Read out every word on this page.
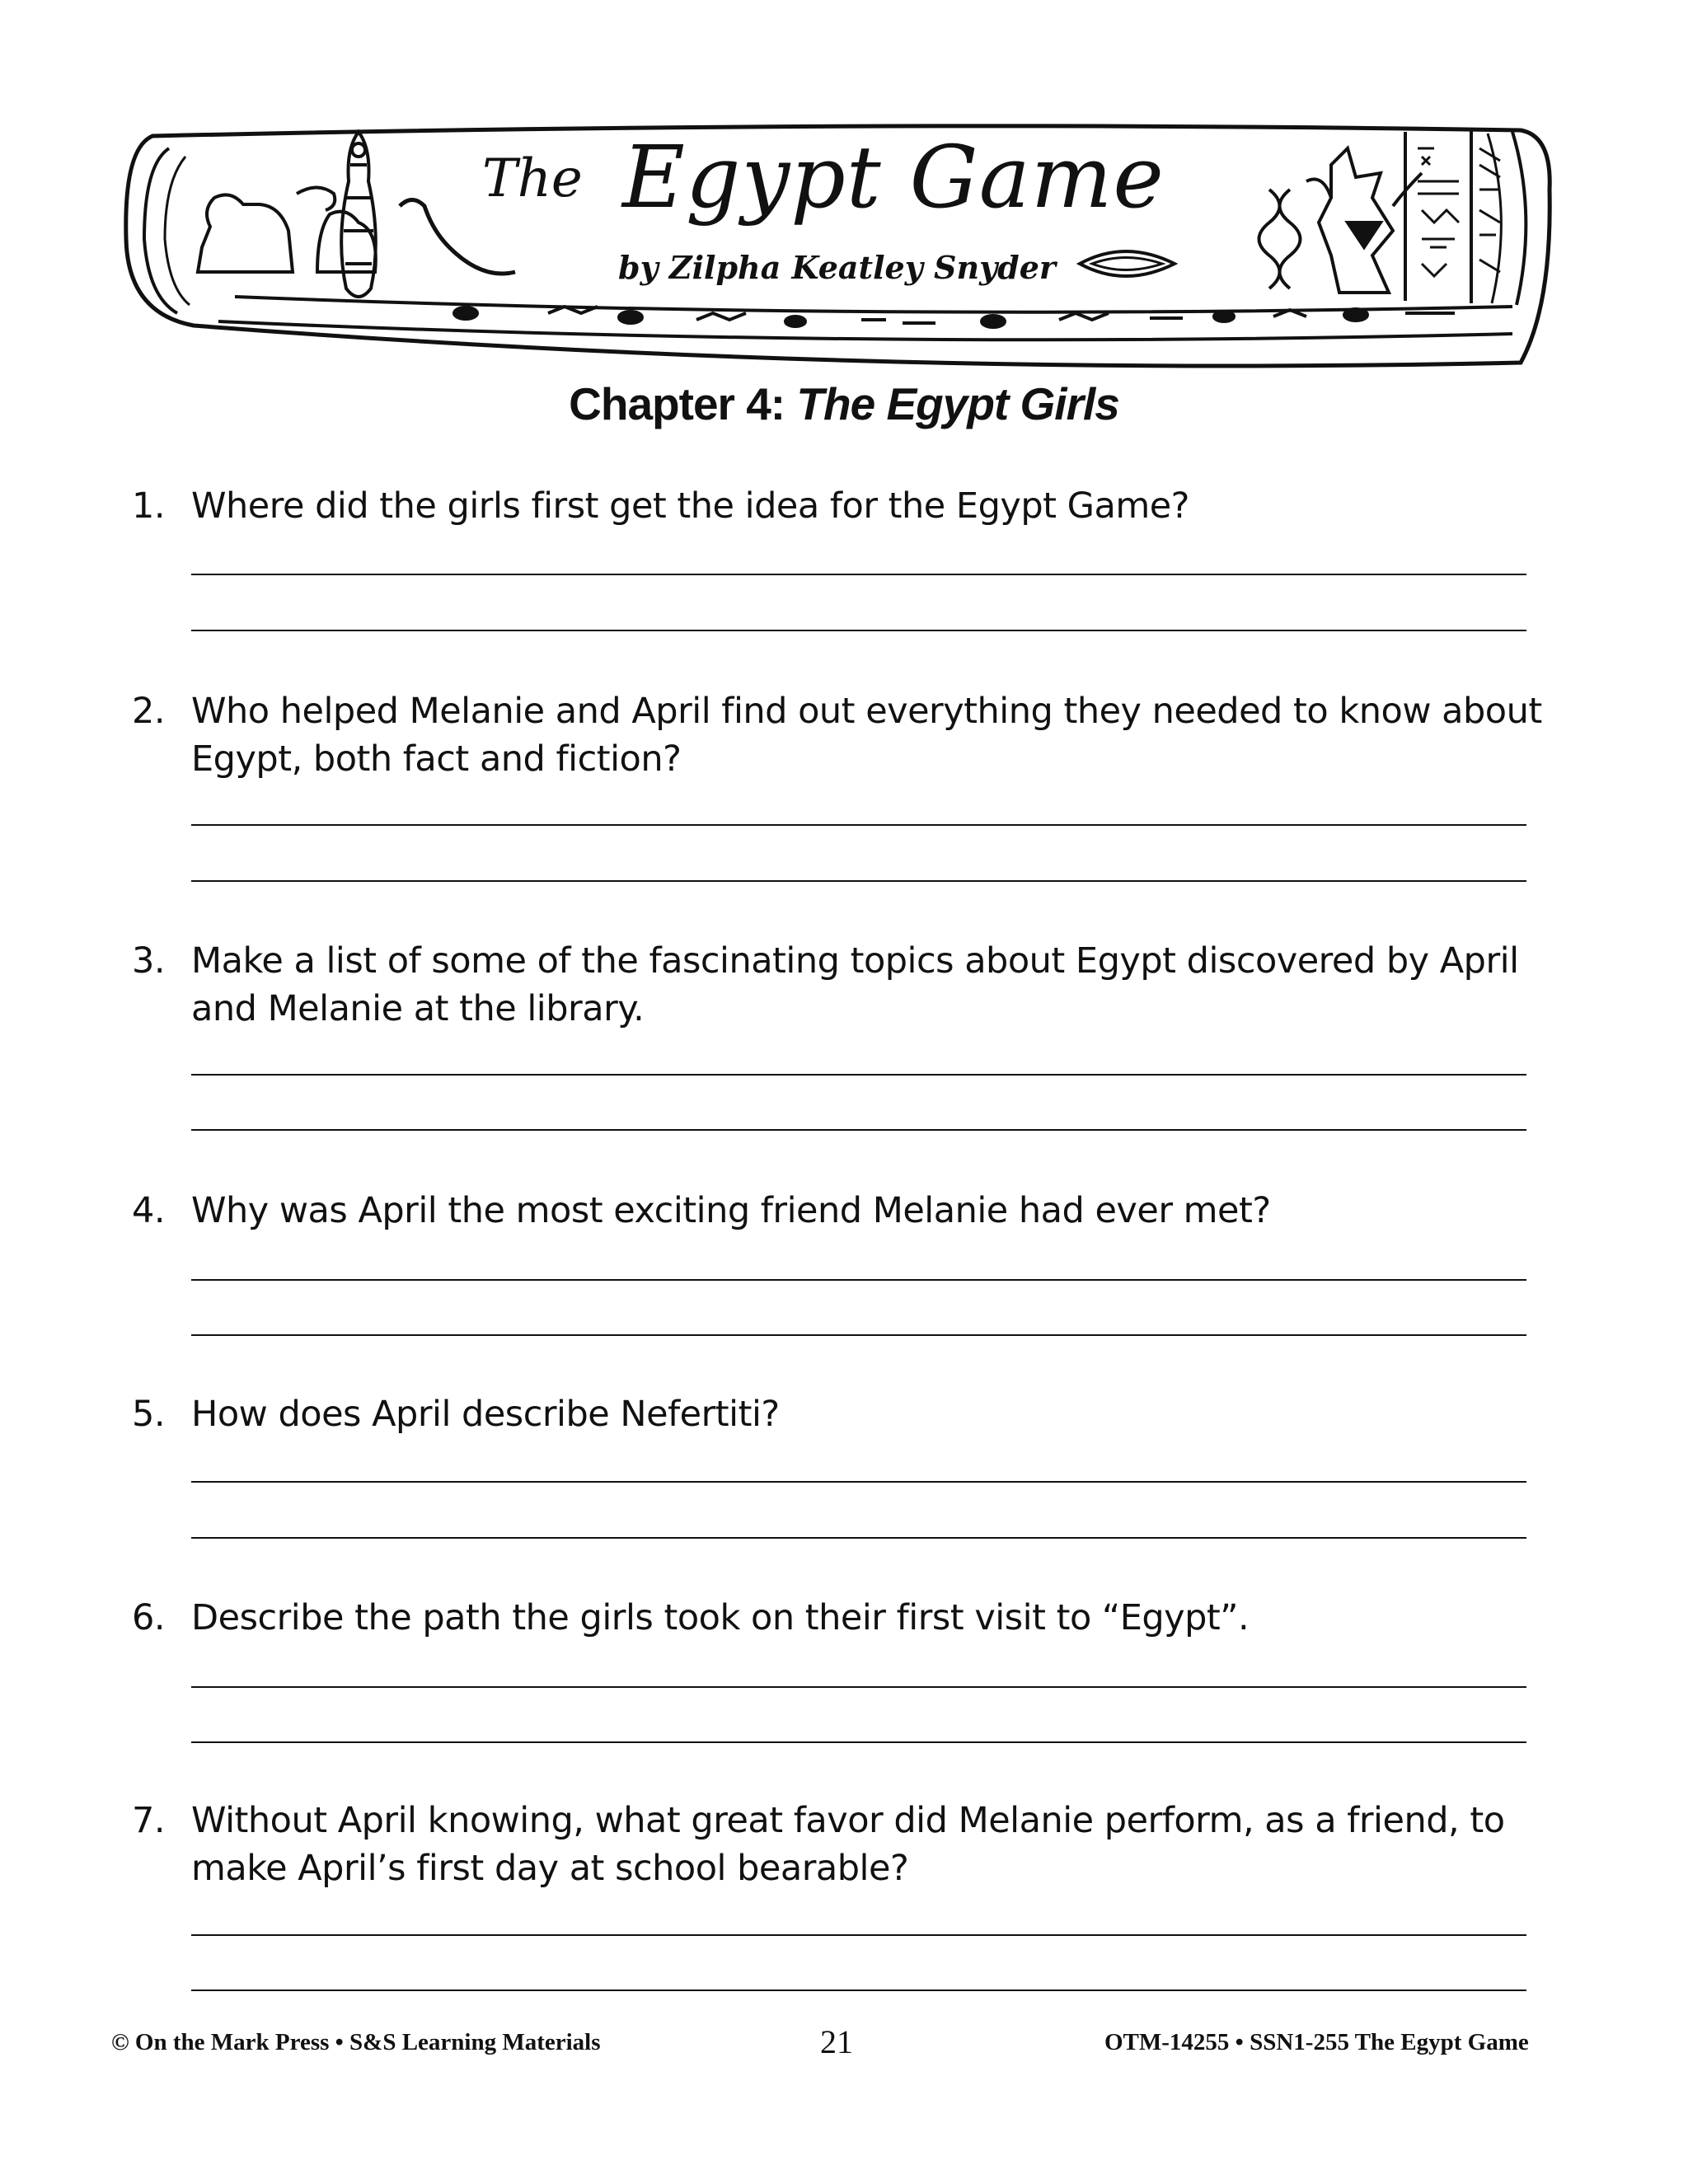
The Egypt Game
by Zilpha Keatley Snyder
Chapter 4: The Egypt Girls
1. Where did the girls first get the idea for the Egypt Game?
2. Who helped Melanie and April find out everything they needed to know about Egypt, both fact and fiction?
3. Make a list of some of the fascinating topics about Egypt discovered by April and Melanie at the library.
4. Why was April the most exciting friend Melanie had ever met?
5. How does April describe Nefertiti?
6. Describe the path the girls took on their first visit to “Egypt”.
7. Without April knowing, what great favor did Melanie perform, as a friend, to make April’s first day at school bearable?
© On the Mark Press • S&S Learning Materials	21	OTM-14255 • SSN1-255 The Egypt Game
